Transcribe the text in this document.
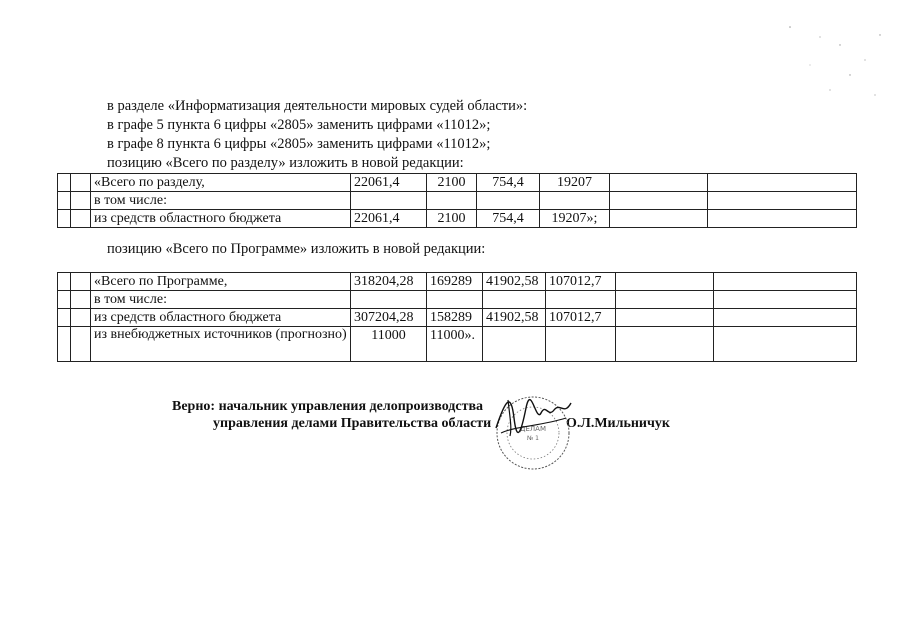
в разделе «Информатизация деятельности мировых судей области»:
в графе 5 пункта 6 цифры «2805» заменить цифрами «11012»;
в графе 8 пункта 6 цифры «2805» заменить цифрами «11012»;
позицию «Всего по разделу» изложить в новой редакции:
		«Всего по разделу,	22061,4	2100	754,4	19207		
		в том числе:						
		из средств областного бюджета	22061,4	2100	754,4	19207»;		
позицию «Всего по Программе» изложить в новой редакции:
		«Всего по Программе,	318204,28	169289	41902,58	107012,7		
		в том числе:						
		из средств областного бюджета	307204,28	158289	41902,58	107012,7		
		из внебюджетных источников (прогнозно)	11000	11000».				
Верно: начальник управления делопроизводства
управления делами Правительства области	О.Л.Мильничук
ДЕЛАМ
№ 1
